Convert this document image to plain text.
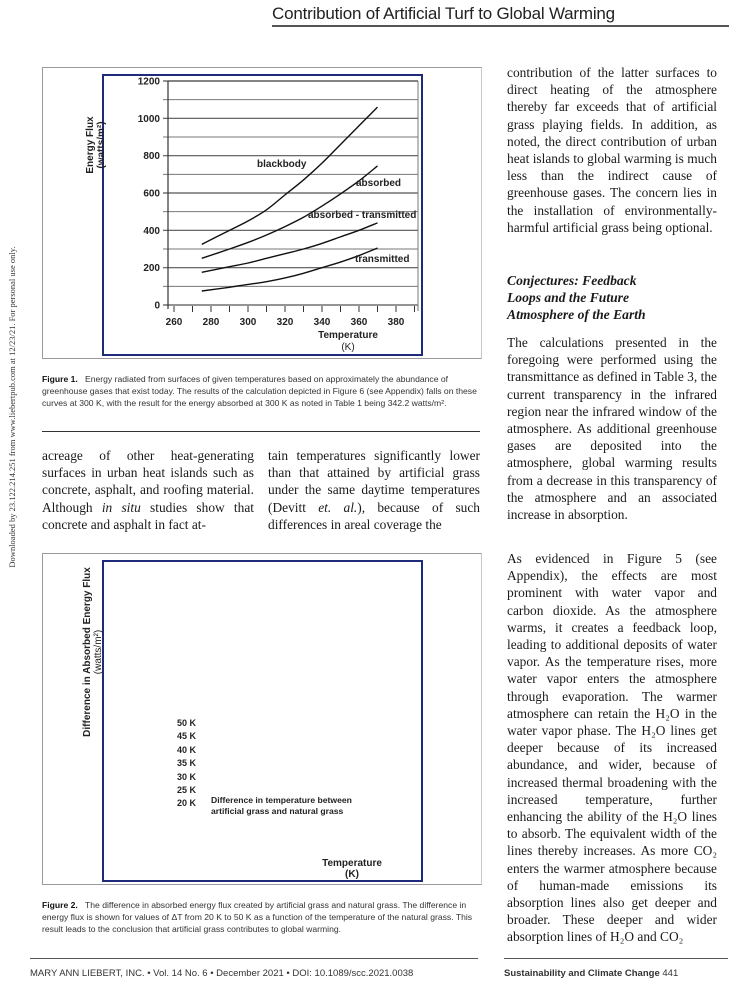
Contribution of Artificial Turf to Global Warming
Downloaded by 23.122.214.251 from www.liebertpub.com at 12/23/21. For personal use only.	0
200
400
600
800
1000
1200
260 280 300 320 340 360 380
Energy Flux (watts/m²)
Temperature
(K)
blackbody
absorbed
absorbed - transmitted
transmitted
Figure 1. Energy radiated from surfaces of given temperatures based on approximately the abundance of greenhouse gases that exist today. The results of the calculation depicted in Figure 6 (see Appendix) falls on these curves at 300 K, with the result for the energy absorbed at 300 K as noted in Table 1 being 342.2 watts/m².
acreage of other heat-generating surfaces in urban heat islands such as concrete, asphalt, and roofing material. Although in situ studies show that concrete and asphalt in fact at-
tain temperatures significantly lower than that attained by artificial grass under the same daytime temperatures (Devitt et. al.), because of such differences in areal coverage the
Difference in Absorbed Energy Flux (watts/m²)
Temperature
(K)
50 K
45 K
40 K
35 K
30 K
25 K
20 K	Difference in temperature between
artificial grass and natural grass
Figure 2. The difference in absorbed energy flux created by artificial grass and natural grass. The difference in energy flux is shown for values of ΔT from 20 K to 50 K as a function of the temperature of the natural grass. This result leads to the conclusion that artificial grass contributes to global warming.
contribution of the latter surfaces to direct heating of the atmosphere thereby far exceeds that of artificial grass playing fields. In addition, as noted, the direct contribution of urban heat islands to global warming is much less than the indirect cause of greenhouse gases. The concern lies in the installation of environmentally-harmful artificial grass being optional.
Conjectures: Feedback Loops and the Future Atmosphere of the Earth
The calculations presented in the foregoing were performed using the transmittance as defined in Table 3, the current transparency in the infrared region near the infrared window of the atmosphere. As additional greenhouse gases are deposited into the atmosphere, global warming results from a decrease in this transparency of the atmosphere and an associated increase in absorption.
As evidenced in Figure 5 (see Appendix), the effects are most prominent with water vapor and carbon dioxide. As the atmosphere warms, it creates a feedback loop, leading to additional deposits of water vapor. As the temperature rises, more water vapor enters the atmosphere through evaporation. The warmer atmosphere can retain the H₂O in the water vapor phase. The H₂O lines get deeper because of its increased abundance, and wider, because of increased thermal broadening with the increased temperature, further enhancing the ability of the H₂O lines to absorb. The equivalent width of the lines thereby increases. As more CO₂ enters the warmer atmosphere because of human-made emissions its absorption lines also get deeper and broader. These deeper and wider absorption lines of H₂O and CO₂
MARY ANN LIEBERT, INC. • Vol. 14 No. 6 • December 2021 • DOI: 10.1089/scc.2021.0038	Sustainability and Climate Change 441
